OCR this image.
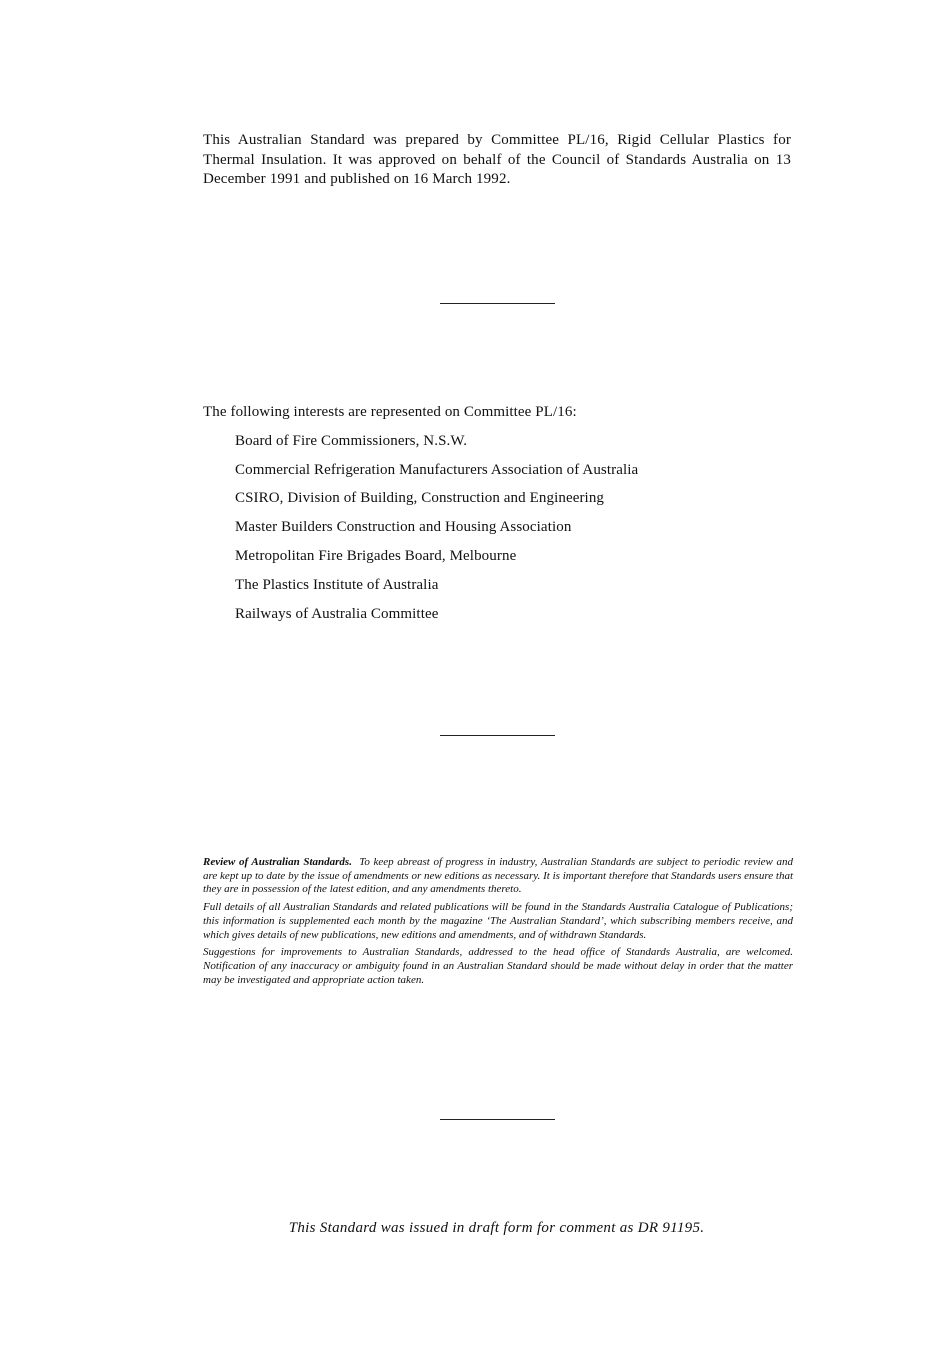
This Australian Standard was prepared by Committee PL/16, Rigid Cellular Plastics for Thermal Insulation. It was approved on behalf of the Council of Standards Australia on 13 December 1991 and published on 16 March 1992.

The following interests are represented on Committee PL/16:

Board of Fire Commissioners, N.S.W.
Commercial Refrigeration Manufacturers Association of Australia
CSIRO, Division of Building, Construction and Engineering
Master Builders Construction and Housing Association
Metropolitan Fire Brigades Board, Melbourne
The Plastics Institute of Australia
Railways of Australia Committee

Review of Australian Standards. To keep abreast of progress in industry, Australian Standards are subject to periodic review and are kept up to date by the issue of amendments or new editions as necessary. It is important therefore that Standards users ensure that they are in possession of the latest edition, and any amendments thereto.

Full details of all Australian Standards and related publications will be found in the Standards Australia Catalogue of Publications; this information is supplemented each month by the magazine ‘The Australian Standard’, which subscribing members receive, and which gives details of new publications, new editions and amendments, and of withdrawn Standards.

Suggestions for improvements to Australian Standards, addressed to the head office of Standards Australia, are welcomed. Notification of any inaccuracy or ambiguity found in an Australian Standard should be made without delay in order that the matter may be investigated and appropriate action taken.

This Standard was issued in draft form for comment as DR 91195.
